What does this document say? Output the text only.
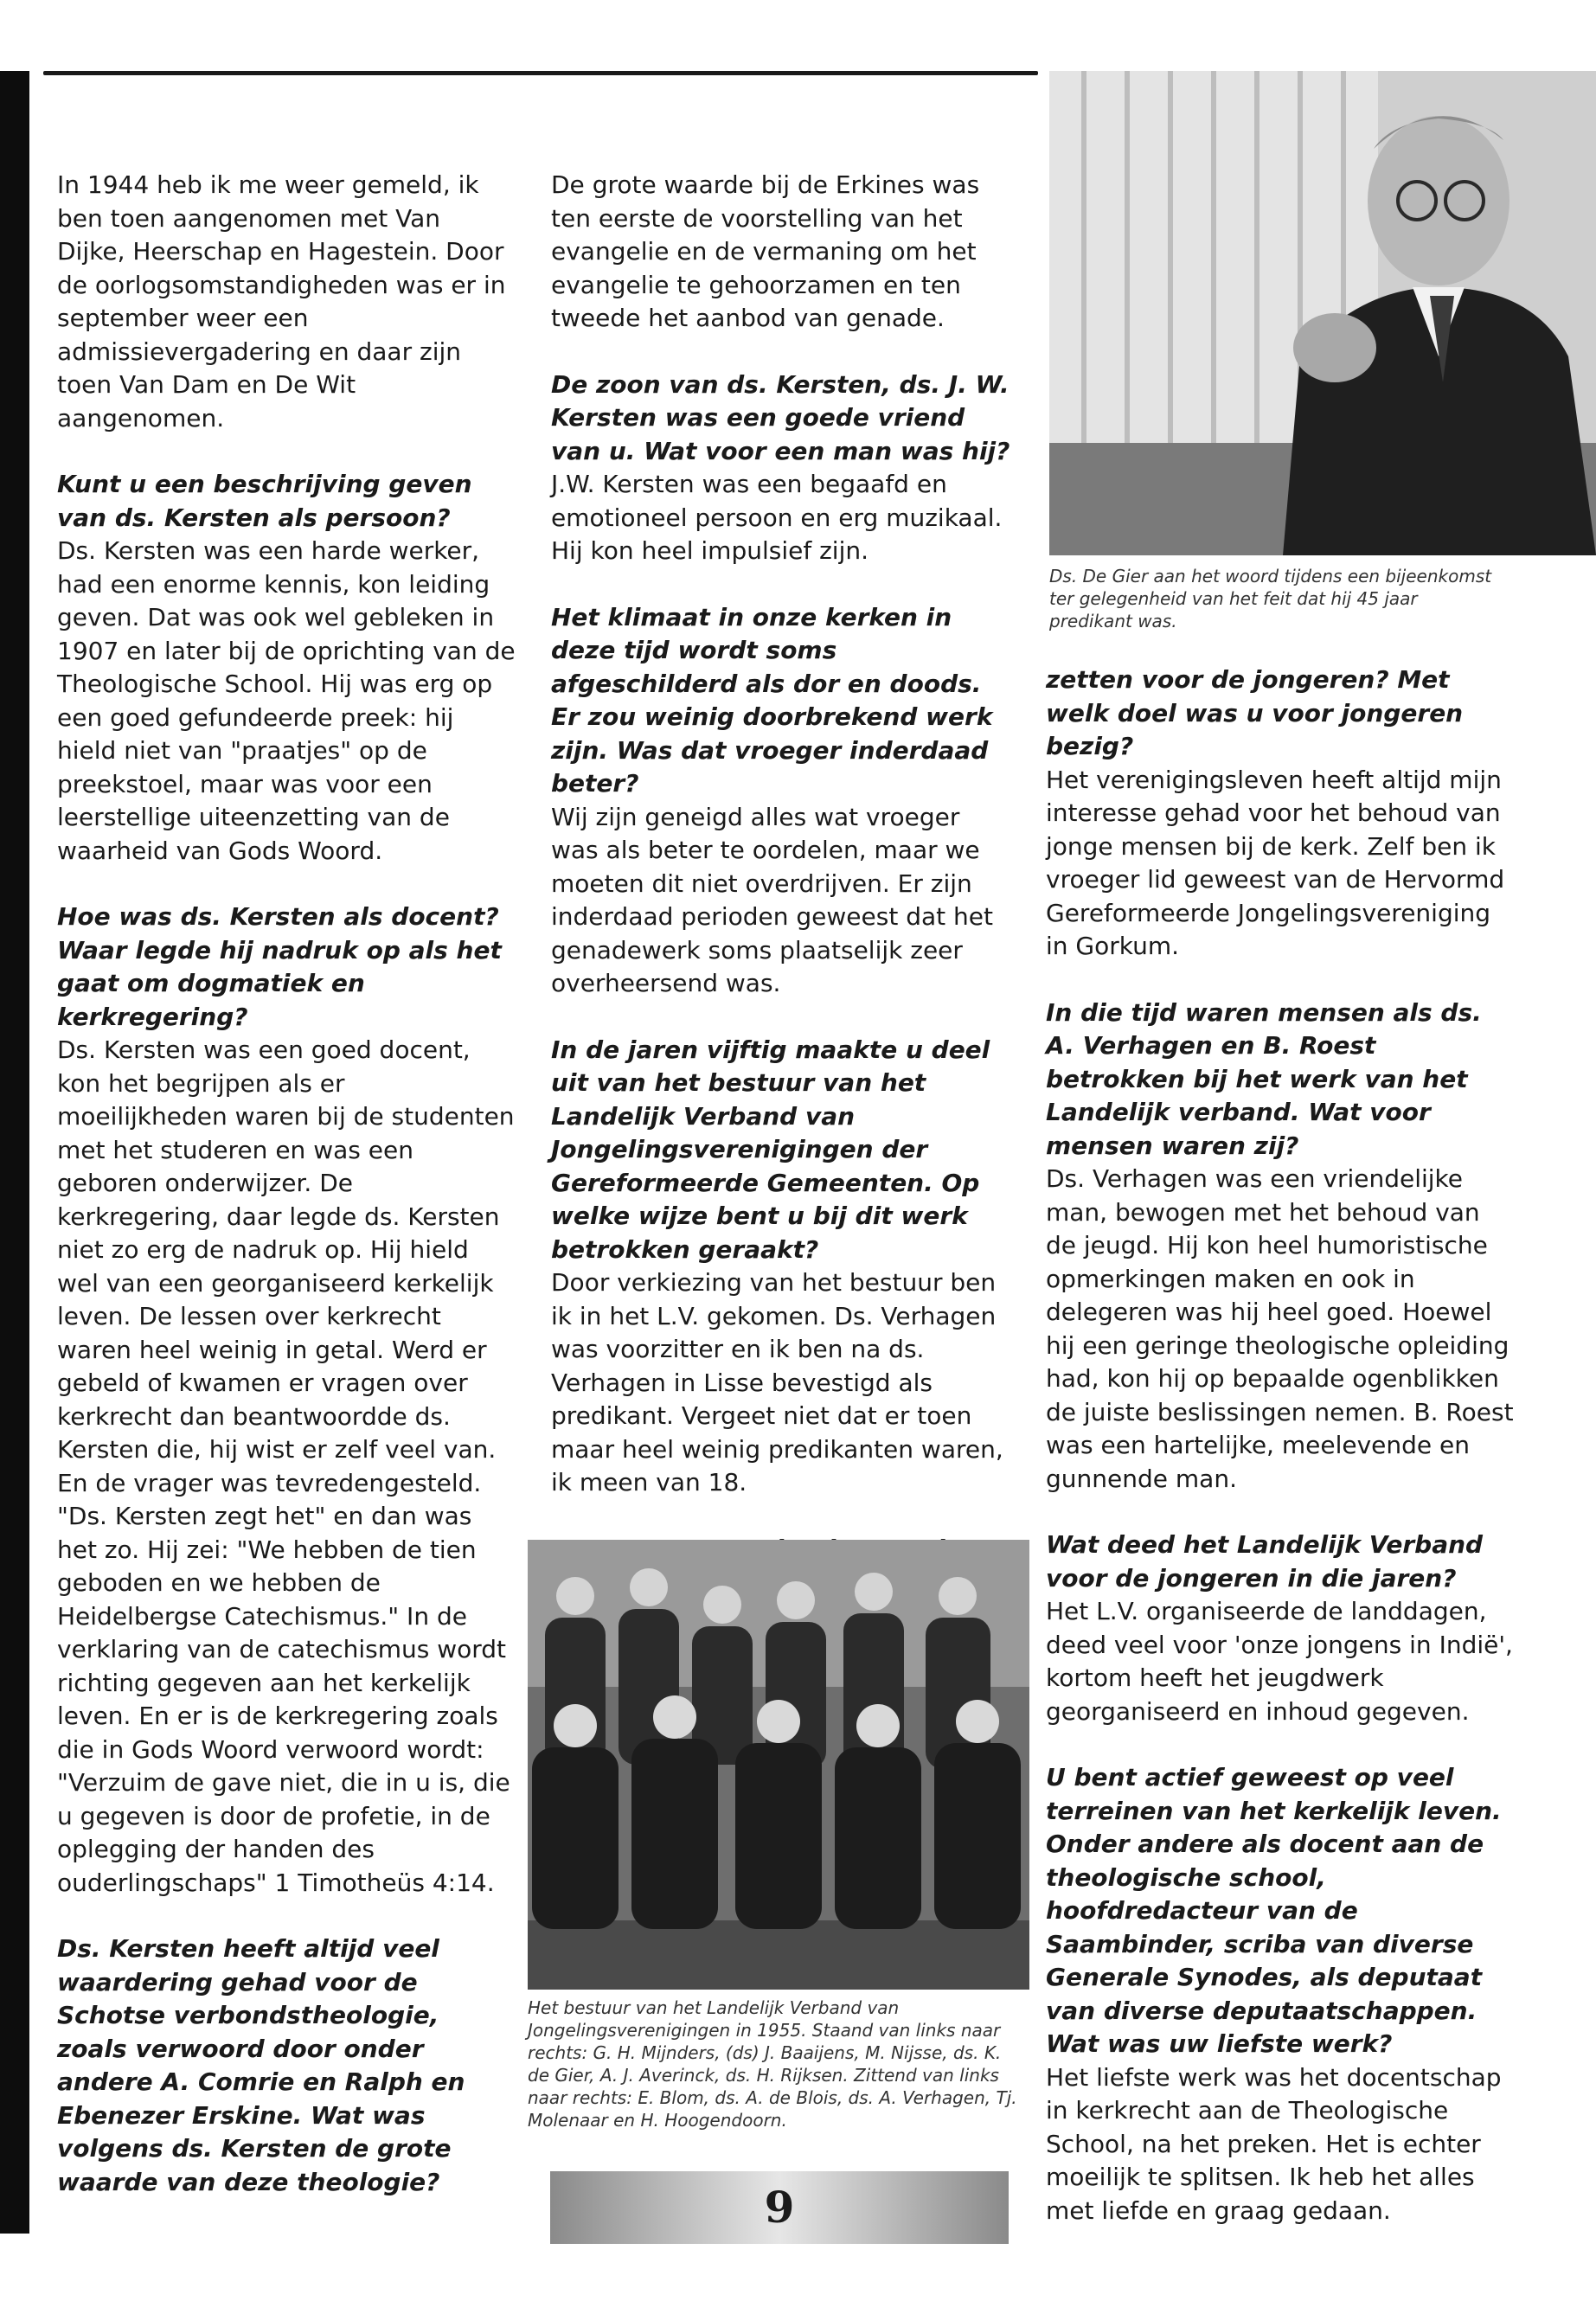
In 1944 heb ik me weer gemeld, ik ben toen aangenomen met Van Dijke, Heerschap en Hagestein. Door de oorlogsomstandigheden was er in september weer een admissievergadering en daar zijn toen Van Dam en De Wit aangenomen.

Kunt u een beschrijving geven van ds. Kersten als persoon?
Ds. Kersten was een harde werker, had een enorme kennis, kon leiding geven. Dat was ook wel gebleken in 1907 en later bij de oprichting van de Theologische School. Hij was erg op een goed gefundeerde preek: hij hield niet van "praatjes" op de preekstoel, maar was voor een leerstellige uiteenzetting van de waarheid van Gods Woord.

Hoe was ds. Kersten als docent? Waar legde hij nadruk op als het gaat om dogmatiek en kerkregering?
Ds. Kersten was een goed docent, kon het begrijpen als er moeilijkheden waren bij de studenten met het studeren en was een geboren onderwijzer. De kerkregering, daar legde ds. Kersten niet zo erg de nadruk op. Hij hield wel van een georganiseerd kerkelijk leven. De lessen over kerkrecht waren heel weinig in getal. Werd er gebeld of kwamen er vragen over kerkrecht dan beantwoordde ds. Kersten die, hij wist er zelf veel van. En de vrager was tevredengesteld. "Ds. Kersten zegt het" en dan was het zo. Hij zei: "We hebben de tien geboden en we hebben de Heidelbergse Catechismus." In de verklaring van de catechismus wordt richting gegeven aan het kerkelijk leven. En er is de kerkregering zoals die in Gods Woord verwoord wordt: "Verzuim de gave niet, die in u is, die u gegeven is door de profetie, in de oplegging der handen des ouderlingschaps" 1 Timotheüs 4:14.

Ds. Kersten heeft altijd veel waardering gehad voor de Schotse verbondstheologie, zoals verwoord door onder andere A. Comrie en Ralph en Ebenezer Erskine. Wat was volgens ds. Kersten de grote waarde van deze theologie?

De grote waarde bij de Erkines was ten eerste de voorstelling van het evangelie en de vermaning om het evangelie te gehoorzamen en ten tweede het aanbod van genade.

De zoon van ds. Kersten, ds. J. W. Kersten was een goede vriend van u. Wat voor een man was hij?
J.W. Kersten was een begaafd en emotioneel persoon en erg muzikaal. Hij kon heel impulsief zijn.

Het klimaat in onze kerken in deze tijd wordt soms afgeschilderd als dor en doods. Er zou weinig doorbrekend werk zijn. Was dat vroeger inderdaad beter?
Wij zijn geneigd alles wat vroeger was als beter te oordelen, maar we moeten dit niet overdrijven. Er zijn inderdaad perioden geweest dat het genadewerk soms plaatselijk zeer overheersend was.

In de jaren vijftig maakte u deel uit van het bestuur van het Landelijk Verband van Jongelingsverenigingen der Gereformeerde Gemeenten. Op welke wijze bent u bij dit werk betrokken geraakt?
Door verkiezing van het bestuur ben ik in het L.V. gekomen. Ds. Verhagen was voorzitter en ik ben na ds. Verhagen in Lisse bevestigd als predikant. Vergeet niet dat er toen maar heel weinig predikanten waren, ik meen van 18.

zetten voor de jongeren? Met welk doel was u voor jongeren bezig?
Het verenigingsleven heeft altijd mijn interesse gehad voor het behoud van jonge mensen bij de kerk. Zelf ben ik vroeger lid geweest van de Hervormd Gereformeerde Jongelingsvereniging in Gorkum.

In die tijd waren mensen als ds. A. Verhagen en B. Roest betrokken bij het werk van het Landelijk verband. Wat voor mensen waren zij?
Ds. Verhagen was een vriendelijke man, bewogen met het behoud van de jeugd. Hij kon heel humoristische opmerkingen maken en ook in delegeren was hij heel goed. Hoewel hij een geringe theologische opleiding had, kon hij op bepaalde ogenblikken de juiste beslissingen nemen. B. Roest was een hartelijke, meelevende en gunnende man.

Wat deed het Landelijk Verband voor de jongeren in die jaren?
Het L.V. organiseerde de landdagen, deed veel voor 'onze jongens in Indië', kortom heeft het jeugdwerk georganiseerd en inhoud gegeven.

U bent actief geweest op veel terreinen van het kerkelijk leven. Onder andere als docent aan de theologische school, hoofdredacteur van de Saambinder, scriba van diverse Generale Synodes, als deputaat van diverse deputaatschappen. Wat was uw liefste werk?
Het liefste werk was het docentschap in kerkrecht aan de Theologische School, na het preken. Het is echter moeilijk te splitsen. Ik heb het alles met liefde en graag gedaan.

Ds. De Gier aan het woord tijdens een bijeenkomst ter gelegenheid van het feit dat hij 45 jaar predikant was.
Het bestuur van het Landelijk Verband van Jongelingsverenigingen in 1955. Staand van links naar rechts: G. H. Mijnders, (ds) J. Baaijens, M. Nijsse, ds. K. de Gier, A. J. Averinck, ds. H. Rijksen. Zittend van links naar rechts: E. Blom, ds. A. de Blois, ds. A. Verhagen, Tj. Molenaar en H. Hoogendoorn.
9
